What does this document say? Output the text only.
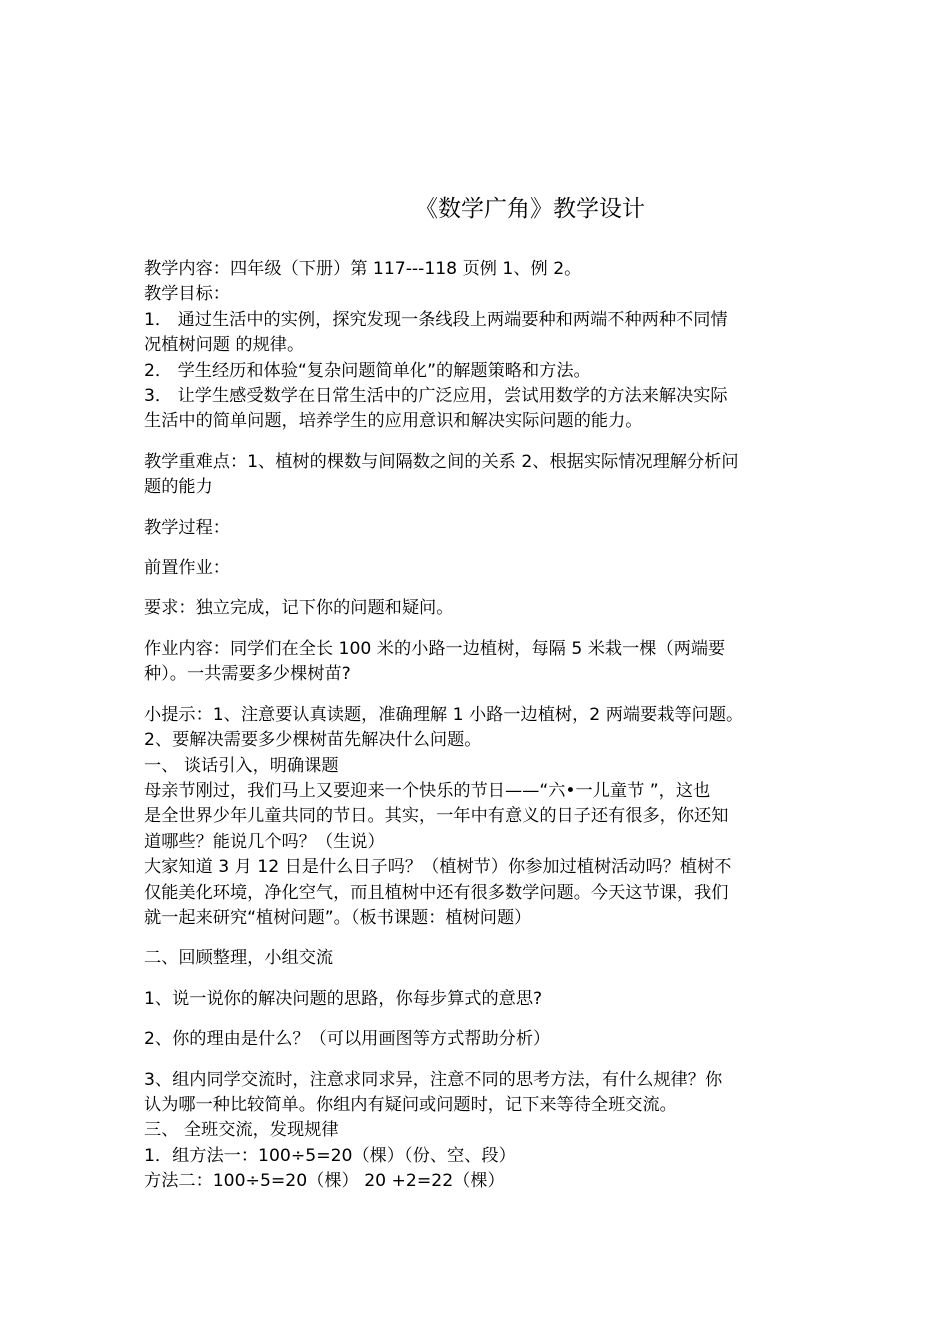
《数学广角》教学设计

教学内容：四年级（下册）第 117---118 页例 1、例 2。

教学目标：

1． 通过生活中的实例，探究发现一条线段上两端要种和两端不种两种不同情

况植树问题 的规律。

2． 学生经历和体验“复杂问题简单化”的解题策略和方法。

3． 让学生感受数学在日常生活中的广泛应用，尝试用数学的方法来解决实际

生活中的简单问题，培养学生的应用意识和解决实际问题的能力。

教学重难点：1、植树的棵数与间隔数之间的关系 2、根据实际情况理解分析问

题的能力

教学过程：

前置作业：

要求：独立完成，记下你的问题和疑问。

作业内容：同学们在全长 100 米的小路一边植树，每隔 5 米栽一棵（两端要

种）。一共需要多少棵树苗?

小提示：1、注意要认真读题，准确理解 1 小路一边植树，2 两端要栽等问题。

2、要解决需要多少棵树苗先解决什么问题。

一、 谈话引入，明确课题

母亲节刚过，我们马上又要迎来一个快乐的节日——“六•一儿童节 ”，这也

是全世界少年儿童共同的节日。其实，一年中有意义的日子还有很多，你还知

道哪些？能说几个吗？（生说）

大家知道 3 月 12 日是什么日子吗？（植树节）你参加过植树活动吗？植树不

仅能美化环境，净化空气，而且植树中还有很多数学问题。今天这节课，我们

就一起来研究“植树问题”。（板书课题：植树问题）

二、回顾整理，小组交流

1、说一说你的解决问题的思路，你每步算式的意思?

2、你的理由是什么？（可以用画图等方式帮助分析）

3、组内同学交流时，注意求同求异，注意不同的思考方法，有什么规律？你

认为哪一种比较简单。你组内有疑问或问题时，记下来等待全班交流。

三、 全班交流，发现规律

1．组方法一：100÷5=20（棵）（份、空、段）

方法二：100÷5=20（棵） 20 +2=22（棵）
